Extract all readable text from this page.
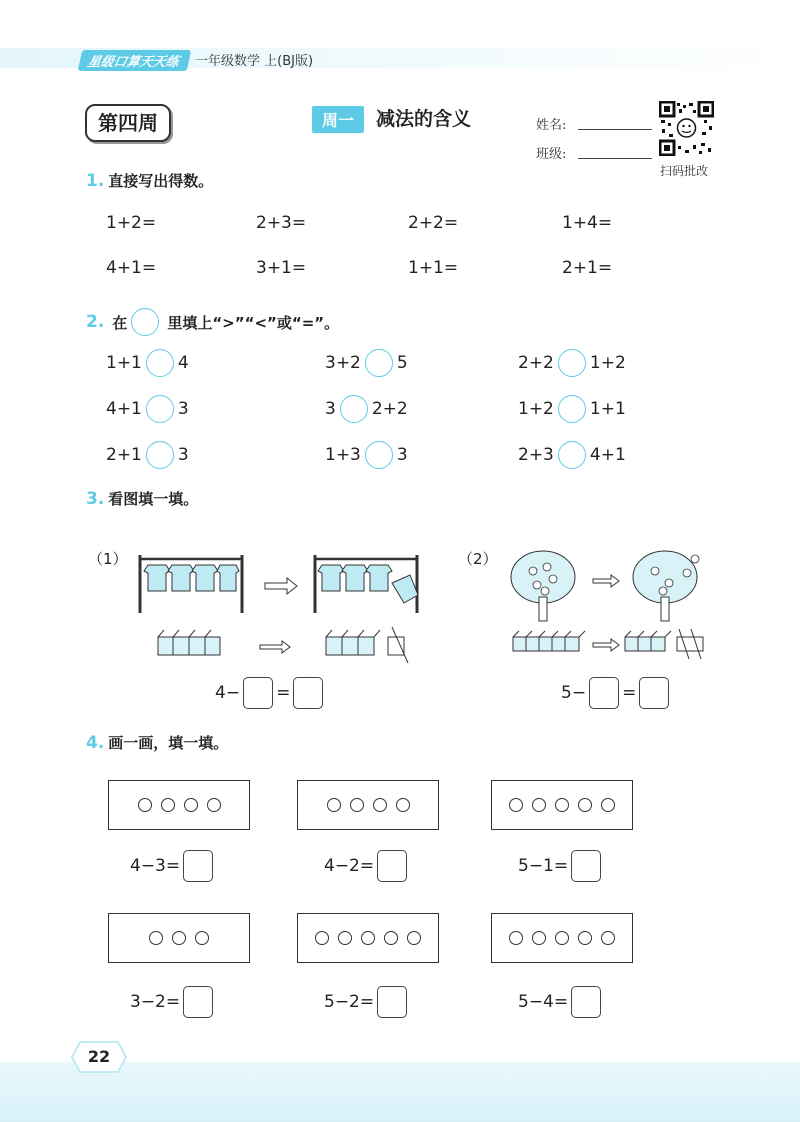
星级口算天天练	一年级数学 上(BJ版)
第四周	周一	减法的含义	姓名:
班级:
扫码批改
1. 直接写出得数。
1+2=	2+3=	2+2=	1+4=
4+1=	3+1=	1+1=	2+1=
2. 在	里填上“>”“<”或“=”。
1+1 4	3+2 5	2+2 1+2
4+1 3	3 2+2	1+2 1+1
2+1 3	1+3 3	2+3 4+1
3. 看图填一填。
（1）	（2）
4− =	5− =
4. 画一画，填一填。
4−3=	4−2=	5−1=
3−2=	5−2=	5−4=
22
